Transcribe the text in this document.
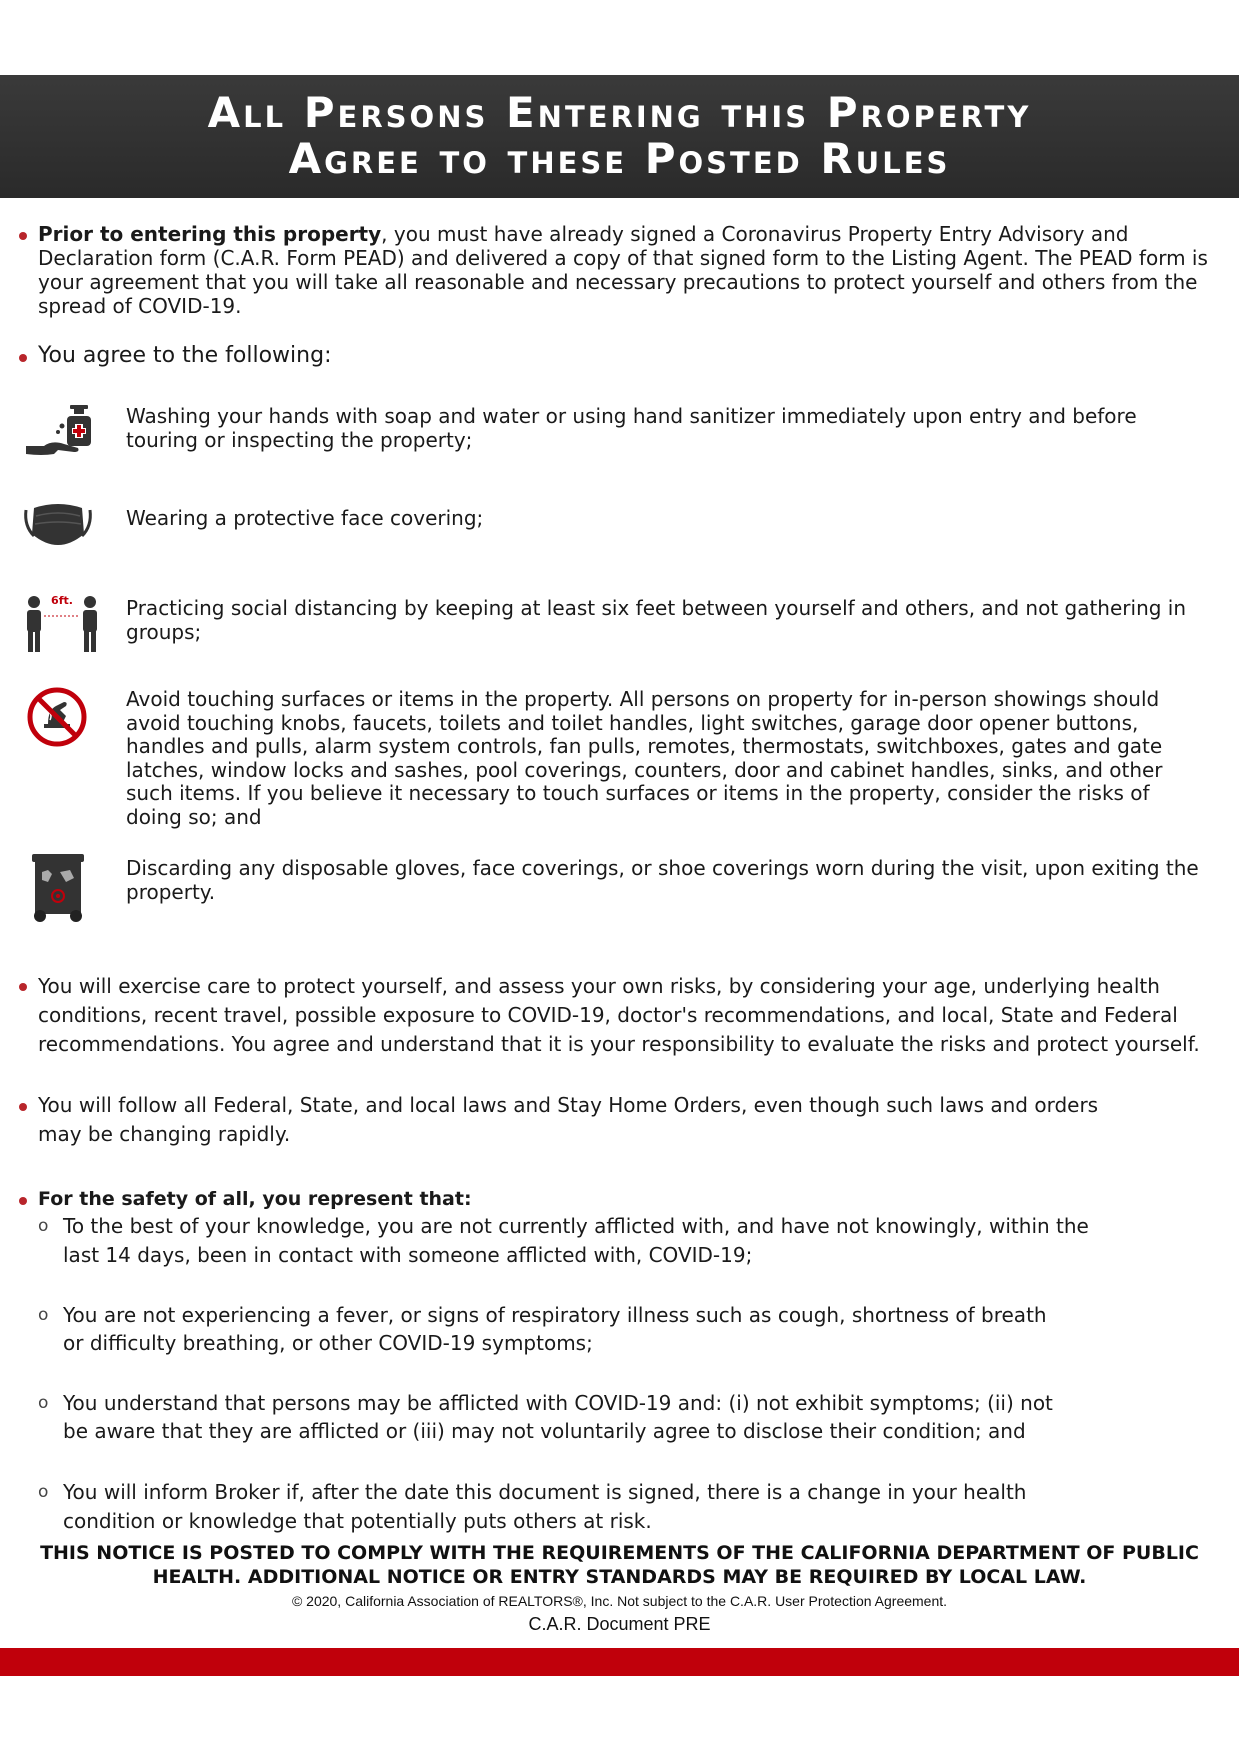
All Persons Entering this Property
Agree to these Posted Rules
Prior to entering this property, you must have already signed a Coronavirus Property Entry Advisory and Declaration form (C.A.R. Form PEAD) and delivered a copy of that signed form to the Listing Agent. The PEAD form is your agreement that you will take all reasonable and necessary precautions to protect yourself and others from the spread of COVID-19.
You agree to the following:
Washing your hands with soap and water or using hand sanitizer immediately upon entry and before touring or inspecting the property;
Wearing a protective face covering;
6ft.	Practicing social distancing by keeping at least six feet between yourself and others, and not gathering in groups;
Avoid touching surfaces or items in the property. All persons on property for in-person showings should avoid touching knobs, faucets, toilets and toilet handles, light switches, garage door opener buttons, handles and pulls, alarm system controls, fan pulls, remotes, thermostats, switchboxes, gates and gate latches, window locks and sashes, pool coverings, counters, door and cabinet handles, sinks, and other such items. If you believe it necessary to touch surfaces or items in the property, consider the risks of doing so; and
Discarding any disposable gloves, face coverings, or shoe coverings worn during the visit, upon exiting the property.
You will exercise care to protect yourself, and assess your own risks, by considering your age, underlying health conditions, recent travel, possible exposure to COVID-19, doctor's recommendations, and local, State and Federal recommendations. You agree and understand that it is your responsibility to evaluate the risks and protect yourself.
You will follow all Federal, State, and local laws and Stay Home Orders, even though such laws and orders may be changing rapidly.
For the safety of all, you represent that:
o To the best of your knowledge, you are not currently afflicted with, and have not knowingly, within the last 14 days, been in contact with someone afflicted with, COVID-19;
o You are not experiencing a fever, or signs of respiratory illness such as cough, shortness of breath or difficulty breathing, or other COVID-19 symptoms;
o You understand that persons may be afflicted with COVID-19 and: (i) not exhibit symptoms; (ii) not be aware that they are afflicted or (iii) may not voluntarily agree to disclose their condition; and
o You will inform Broker if, after the date this document is signed, there is a change in your health condition or knowledge that potentially puts others at risk.
THIS NOTICE IS POSTED TO COMPLY WITH THE REQUIREMENTS OF THE CALIFORNIA DEPARTMENT OF PUBLIC HEALTH. ADDITIONAL NOTICE OR ENTRY STANDARDS MAY BE REQUIRED BY LOCAL LAW.
© 2020, California Association of REALTORS®, Inc. Not subject to the C.A.R. User Protection Agreement.
C.A.R. Document PRE
